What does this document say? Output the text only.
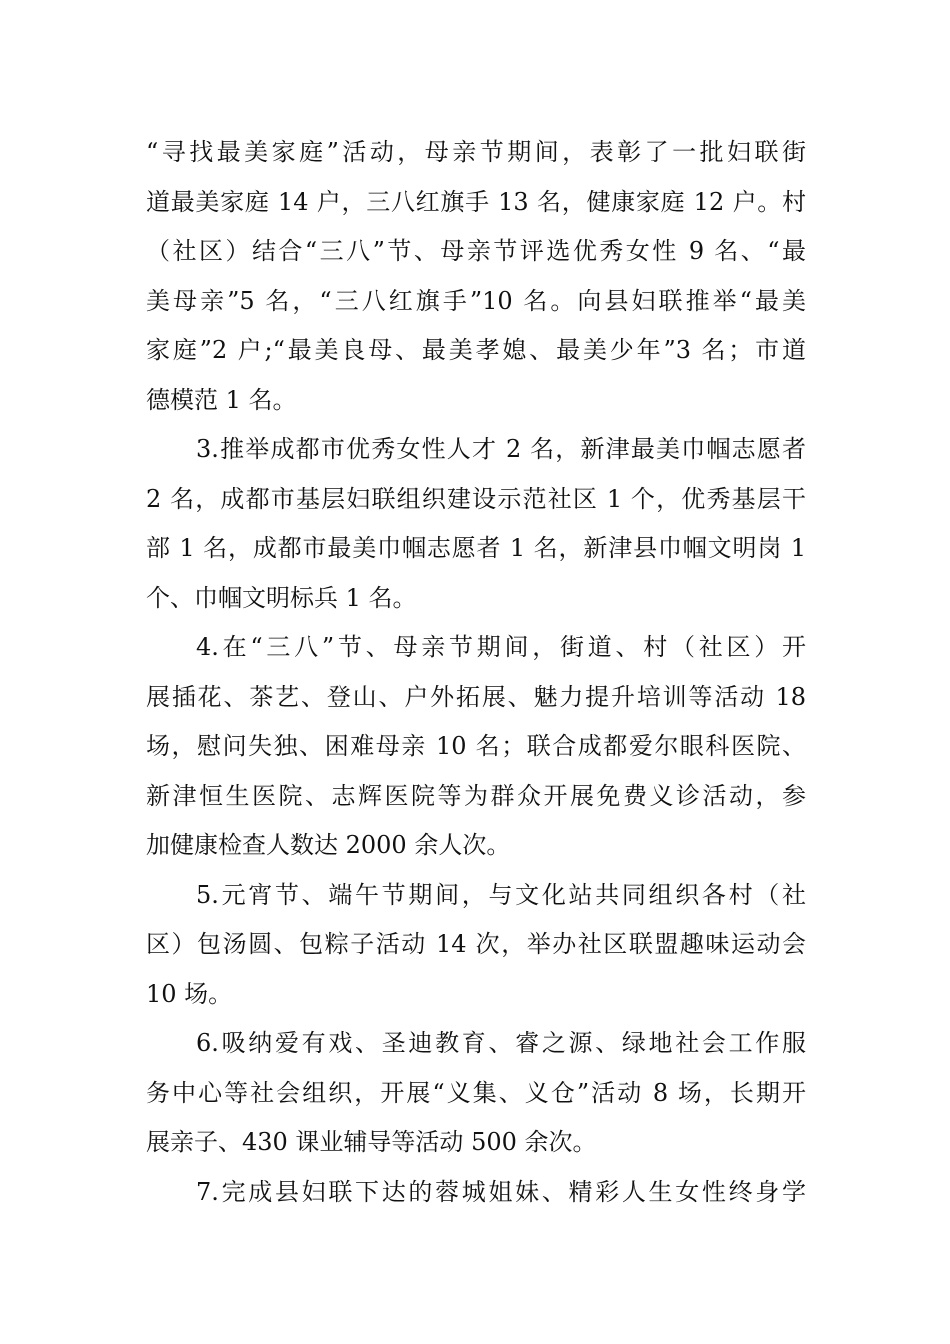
“寻找最美家庭”活动，母亲节期间，表彰了一批妇联街
道最美家庭 14 户，三八红旗手 13 名，健康家庭 12 户。村
（社区）结合“三八”节、母亲节评选优秀女性 9 名、“最
美母亲”5 名，“三八红旗手”10 名。向县妇联推举“最美
家庭”2 户;“最美良母、最美孝媳、最美少年”3 名；市道
德模范 1 名。
3.推举成都市优秀女性人才 2 名，新津最美巾帼志愿者
2 名，成都市基层妇联组织建设示范社区 1 个，优秀基层干
部 1 名，成都市最美巾帼志愿者 1 名，新津县巾帼文明岗 1
个、巾帼文明标兵 1 名。
4.在“三八”节、母亲节期间，街道、村（社区）开
展插花、茶艺、登山、户外拓展、魅力提升培训等活动 18
场，慰问失独、困难母亲 10 名；联合成都爱尔眼科医院、
新津恒生医院、志辉医院等为群众开展免费义诊活动，参
加健康检查人数达 2000 余人次。
5.元宵节、端午节期间，与文化站共同组织各村（社
区）包汤圆、包粽子活动 14 次，举办社区联盟趣味运动会
10 场。
6.吸纳爱有戏、圣迪教育、睿之源、绿地社会工作服
务中心等社会组织，开展“义集、义仓”活动 8 场，长期开
展亲子、430 课业辅导等活动 500 余次。
7.完成县妇联下达的蓉城姐妹、精彩人生女性终身学
